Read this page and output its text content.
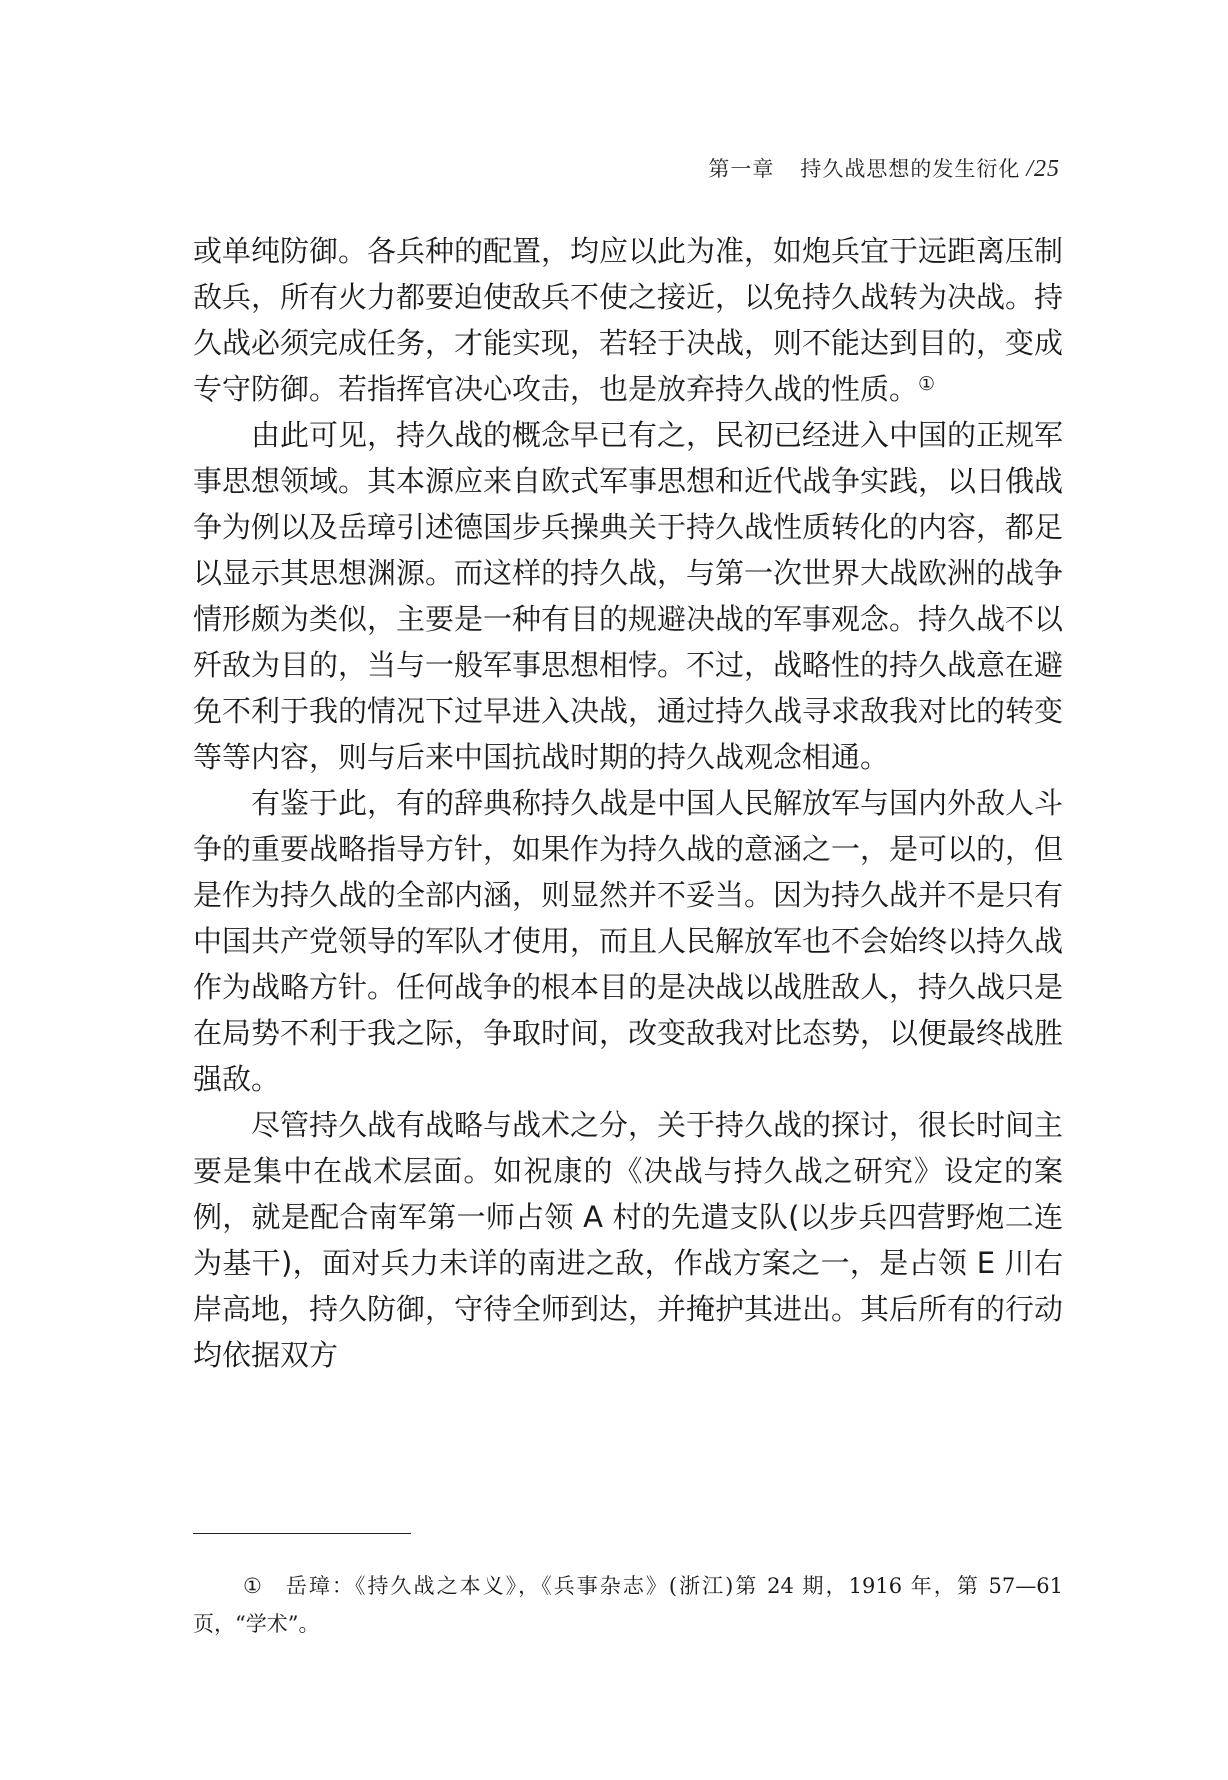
第一章 持久战思想的发生衍化 /25

或单纯防御。各兵种的配置，均应以此为准，如炮兵宜于远距离压制敌兵，所有火力都要迫使敌兵不使之接近，以免持久战转为决战。持久战必须完成任务，才能实现，若轻于决战，则不能达到目的，变成专守防御。若指挥官决心攻击，也是放弃持久战的性质。①

由此可见，持久战的概念早已有之，民初已经进入中国的正规军事思想领域。其本源应来自欧式军事思想和近代战争实践，以日俄战争为例以及岳璋引述德国步兵操典关于持久战性质转化的内容，都足以显示其思想渊源。而这样的持久战，与第一次世界大战欧洲的战争情形颇为类似，主要是一种有目的规避决战的军事观念。持久战不以歼敌为目的，当与一般军事思想相悖。不过，战略性的持久战意在避免不利于我的情况下过早进入决战，通过持久战寻求敌我对比的转变等等内容，则与后来中国抗战时期的持久战观念相通。

有鉴于此，有的辞典称持久战是中国人民解放军与国内外敌人斗争的重要战略指导方针，如果作为持久战的意涵之一，是可以的，但是作为持久战的全部内涵，则显然并不妥当。因为持久战并不是只有中国共产党领导的军队才使用，而且人民解放军也不会始终以持久战作为战略方针。任何战争的根本目的是决战以战胜敌人，持久战只是在局势不利于我之际，争取时间，改变敌我对比态势，以便最终战胜强敌。

尽管持久战有战略与战术之分，关于持久战的探讨，很长时间主要是集中在战术层面。如祝康的《决战与持久战之研究》设定的案例，就是配合南军第一师占领 A 村的先遣支队(以步兵四营野炮二连为基干)，面对兵力未详的南进之敌，作战方案之一，是占领 E 川右岸高地，持久防御，守待全师到达，并掩护其进出。其后所有的行动均依据双方

① 岳璋：《持久战之本义》，《兵事杂志》(浙江)第 24 期，1916 年，第 57—61 页，“学术”。
